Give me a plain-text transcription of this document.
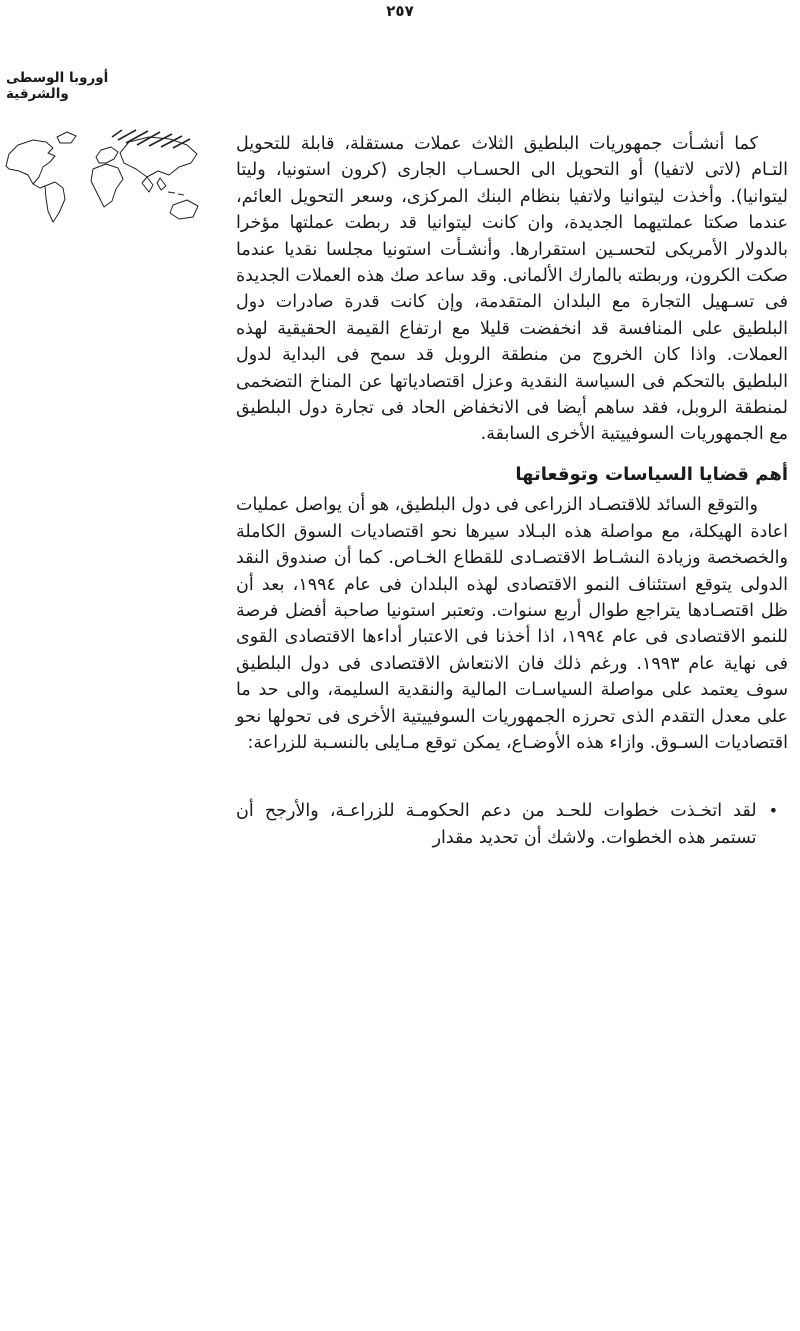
٢٥٧
أوروبا الوسطى والشرقية

كما أنشـأت جمهوريات البلطيق الثلاث عملات مستقلة، قابلة للتحويل التـام (لاتى لاتفيا) أو التحويل الى الحسـاب الجارى (كرون استونيا، وليتا ليتوانيا). وأخذت ليتوانيا ولاتفيا بنظام البنك المركزى، وسعر التحويل العائم، عندما صكتا عملتيهما الجديدة، وان كانت ليتوانيا قد ربطت عملتها مؤخرا بالدولار الأمريكى لتحسـين استقرارها. وأنشـأت استونيا مجلسا نقديا عندما صكت الكرون، وربطته بالمارك الألمانى. وقد ساعد صك هذه العملات الجديدة فى تسـهيل التجارة مع البلدان المتقدمة، وإن كانت قدرة صادرات دول البلطيق على المنافسة قد انخفضت قليلا مع ارتفاع القيمة الحقيقية لهذه العملات. واذا كان الخروج من منطقة الروبل قد سمح فى البداية لدول البلطيق بالتحكم فى السياسة النقدية وعزل اقتصادياتها عن المناخ التضخمى لمنطقة الروبل، فقد ساهم أيضا فى الانخفاض الحاد فى تجارة دول البلطيق مع الجمهوريات السوفييتية الأخرى السابقة.

أهم قضايا السياسات وتوقعاتها

والتوقع السائد للاقتصـاد الزراعى فى دول البلطيق، هو أن يواصل عمليات اعادة الهيكلة، مع مواصلة هذه البـلاد سيرها نحو اقتصاديات السوق الكاملة والخصخصة وزيادة النشـاط الاقتصـادى للقطاع الخـاص. كما أن صندوق النقد الدولى يتوقع استئناف النمو الاقتصادى لهذه البلدان فى عام ١٩٩٤، بعد أن ظل اقتصـادها يتراجع طوال أربع سنوات. وتعتبر استونيا صاحبة أفضل فرصة للنمو الاقتصادى فى عام ١٩٩٤، اذا أخذنا فى الاعتبار أداءها الاقتصادى القوى فى نهاية عام ١٩٩٣. ورغم ذلك فان الانتعاش الاقتصادى فى دول البلطيق سوف يعتمد على مواصلة السياسـات المالية والنقدية السليمة، والى حد ما على معدل التقدم الذى تحرزه الجمهوريات السوفييتية الأخرى فى تحولها نحو اقتصاديات السـوق. وازاء هذه الأوضـاع، يمكن توقع مـايلى بالنسـبة للزراعة:

•
لقد اتخـذت خطوات للحـد من دعم الحكومـة للزراعـة، والأرجح أن تستمر هذه الخطوات. ولاشك أن تحديد مقدار
